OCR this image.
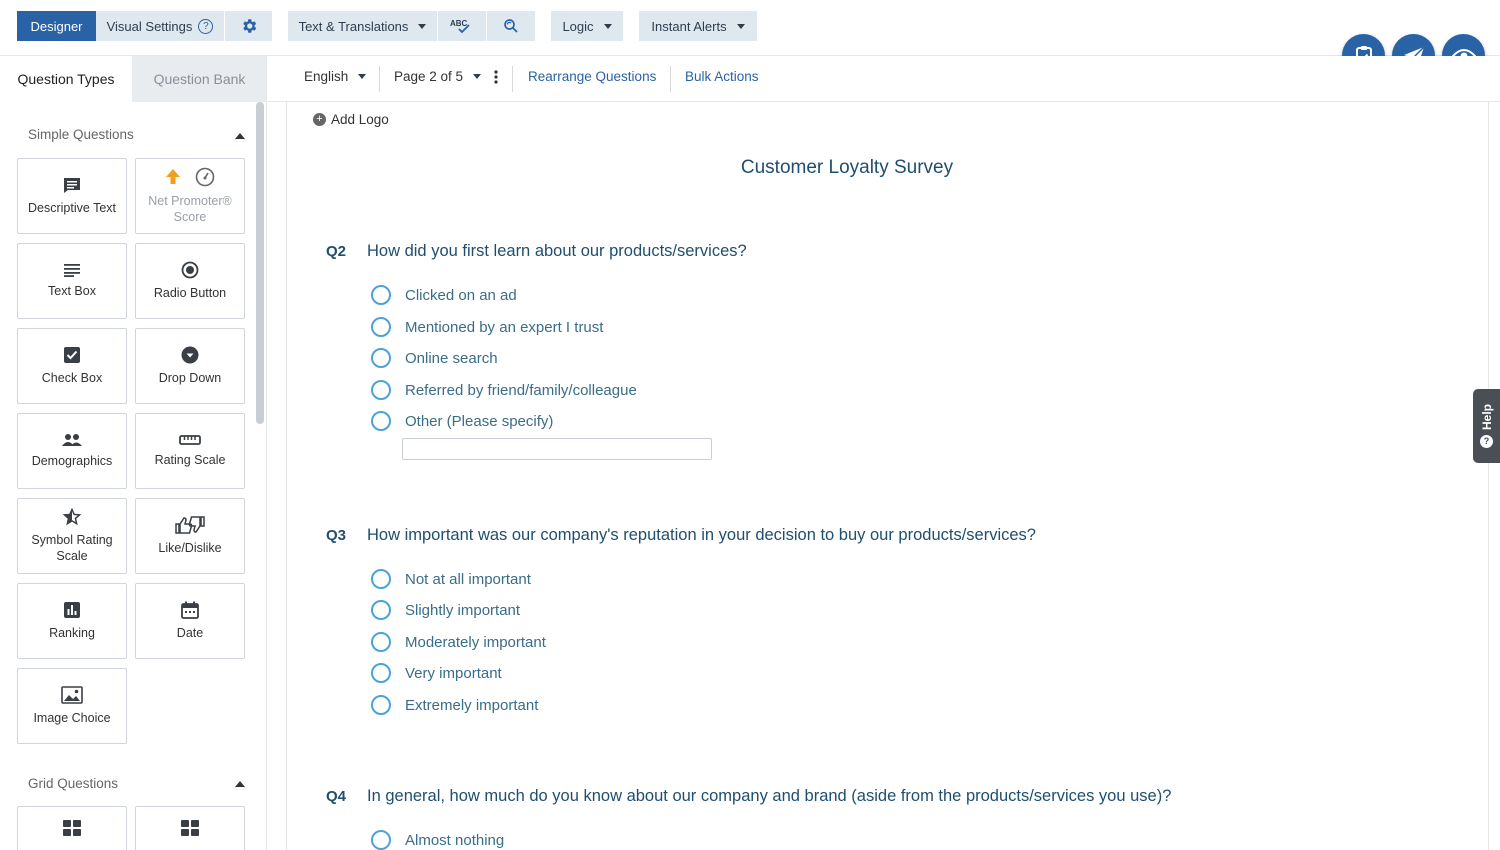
Designer Visual Settings	?	Text & Translations	ABC	Logic	Instant Alerts
Question Types	Question Bank
Simple Questions
Descriptive Text
Net Promoter® Score
Text Box	Radio Button
Check Box	Drop Down
Demographics	Rating Scale
Symbol Rating Scale
Like/Dislike
Ranking	Date
Image Choice
Grid Questions
English	Page 2 of 5	Rearrange Questions Bulk Actions
+ Add Logo
Customer Loyalty Survey
Q2 How did you first learn about our products/services?
Clicked on an ad
Mentioned by an expert I trust
Online search
Referred by friend/family/colleague
Other (Please specify)
Q3 How important was our company's reputation in your decision to buy our products/services?
Not at all important
Slightly important
Moderately important
Very important
Extremely important
Q4 In general, how much do you know about our company and brand (aside from the products/services you use)?
Almost nothing
Help
?
